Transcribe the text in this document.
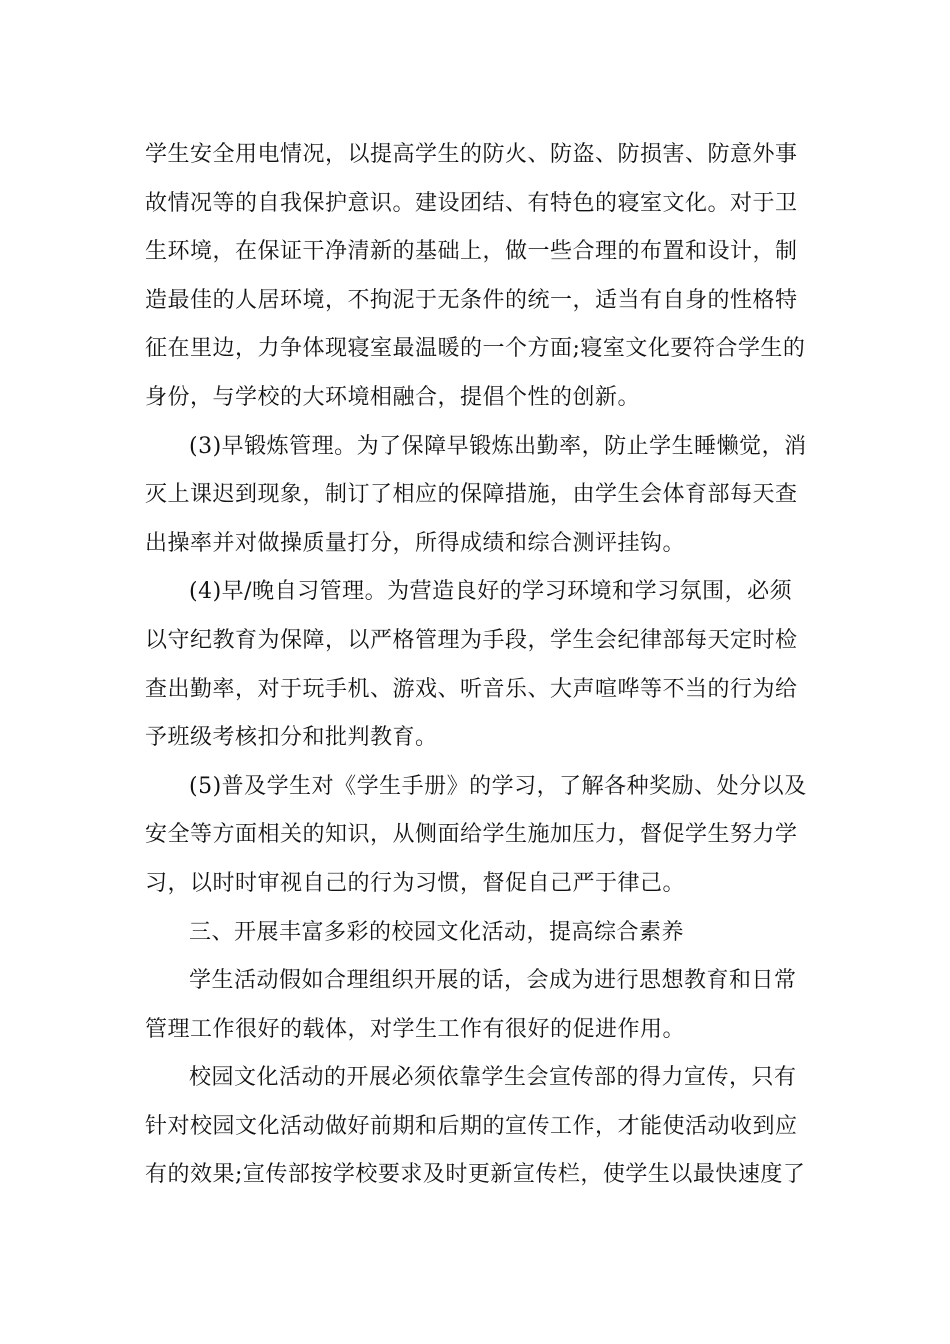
学生安全用电情况，以提高学生的防火、防盗、防损害、防意外事
故情况等的自我保护意识。建设团结、有特色的寝室文化。对于卫
生环境，在保证干净清新的基础上，做一些合理的布置和设计，制
造最佳的人居环境，不拘泥于无条件的统一，适当有自身的性格特
征在里边，力争体现寝室最温暖的一个方面;寝室文化要符合学生的
身份，与学校的大环境相融合，提倡个性的创新。
(3)早锻炼管理。为了保障早锻炼出勤率，防止学生睡懒觉，消
灭上课迟到现象，制订了相应的保障措施，由学生会体育部每天查
出操率并对做操质量打分，所得成绩和综合测评挂钩。
(4)早/晚自习管理。为营造良好的学习环境和学习氛围，必须
以守纪教育为保障，以严格管理为手段，学生会纪律部每天定时检
查出勤率，对于玩手机、游戏、听音乐、大声喧哗等不当的行为给
予班级考核扣分和批判教育。
(5)普及学生对《学生手册》的学习，了解各种奖励、处分以及
安全等方面相关的知识，从侧面给学生施加压力，督促学生努力学
习，以时时审视自己的行为习惯，督促自己严于律己。
三、开展丰富多彩的校园文化活动，提高综合素养
学生活动假如合理组织开展的话，会成为进行思想教育和日常
管理工作很好的载体，对学生工作有很好的促进作用。
校园文化活动的开展必须依靠学生会宣传部的得力宣传，只有
针对校园文化活动做好前期和后期的宣传工作，才能使活动收到应
有的效果;宣传部按学校要求及时更新宣传栏，使学生以最快速度了
